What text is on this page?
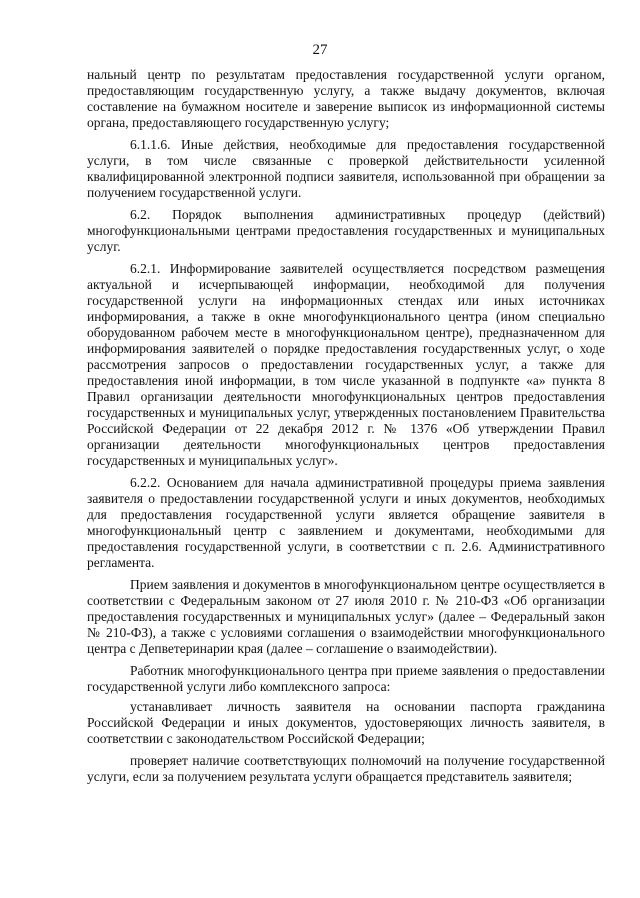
27

нальный центр по результатам предоставления государственной услуги органом, предоставляющим государственную услугу, а также выдачу документов, включая составление на бумажном носителе и заверение выписок из информационной системы органа, предоставляющего государственную услугу;

6.1.1.6. Иные действия, необходимые для предоставления государственной услуги, в том числе связанные с проверкой действительности усиленной квалифицированной электронной подписи заявителя, использованной при обращении за получением государственной услуги.

6.2. Порядок выполнения административных процедур (действий) многофункциональными центрами предоставления государственных и муниципальных услуг.

6.2.1. Информирование заявителей осуществляется посредством размещения актуальной и исчерпывающей информации, необходимой для получения государственной услуги на информационных стендах или иных источниках информирования, а также в окне многофункционального центра (ином специально оборудованном рабочем месте в многофункциональном центре), предназначенном для информирования заявителей о порядке предоставления государственных услуг, о ходе рассмотрения запросов о предоставлении государственных услуг, а также для предоставления иной информации, в том числе указанной в подпункте «а» пункта 8 Правил организации деятельности многофункциональных центров предоставления государственных и муниципальных услуг, утвержденных постановлением Правительства Российской Федерации от 22 декабря 2012 г. № 1376 «Об утверждении Правил организации деятельности многофункциональных центров предоставления государственных и муниципальных услуг».

6.2.2. Основанием для начала административной процедуры приема заявления заявителя о предоставлении государственной услуги и иных документов, необходимых для предоставления государственной услуги является обращение заявителя в многофункциональный центр с заявлением и документами, необходимыми для предоставления государственной услуги, в соответствии с п. 2.6. Административного регламента.

Прием заявления и документов в многофункциональном центре осуществляется в соответствии с Федеральным законом от 27 июля 2010 г. № 210-ФЗ «Об организации предоставления государственных и муниципальных услуг» (далее – Федеральный закон № 210-ФЗ), а также с условиями соглашения о взаимодействии многофункционального центра с Депветеринарии края (далее – соглашение о взаимодействии).

Работник многофункционального центра при приеме заявления о предоставлении государственной услуги либо комплексного запроса:

устанавливает личность заявителя на основании паспорта гражданина Российской Федерации и иных документов, удостоверяющих личность заявителя, в соответствии с законодательством Российской Федерации;

проверяет наличие соответствующих полномочий на получение государственной услуги, если за получением результата услуги обращается представитель заявителя;
